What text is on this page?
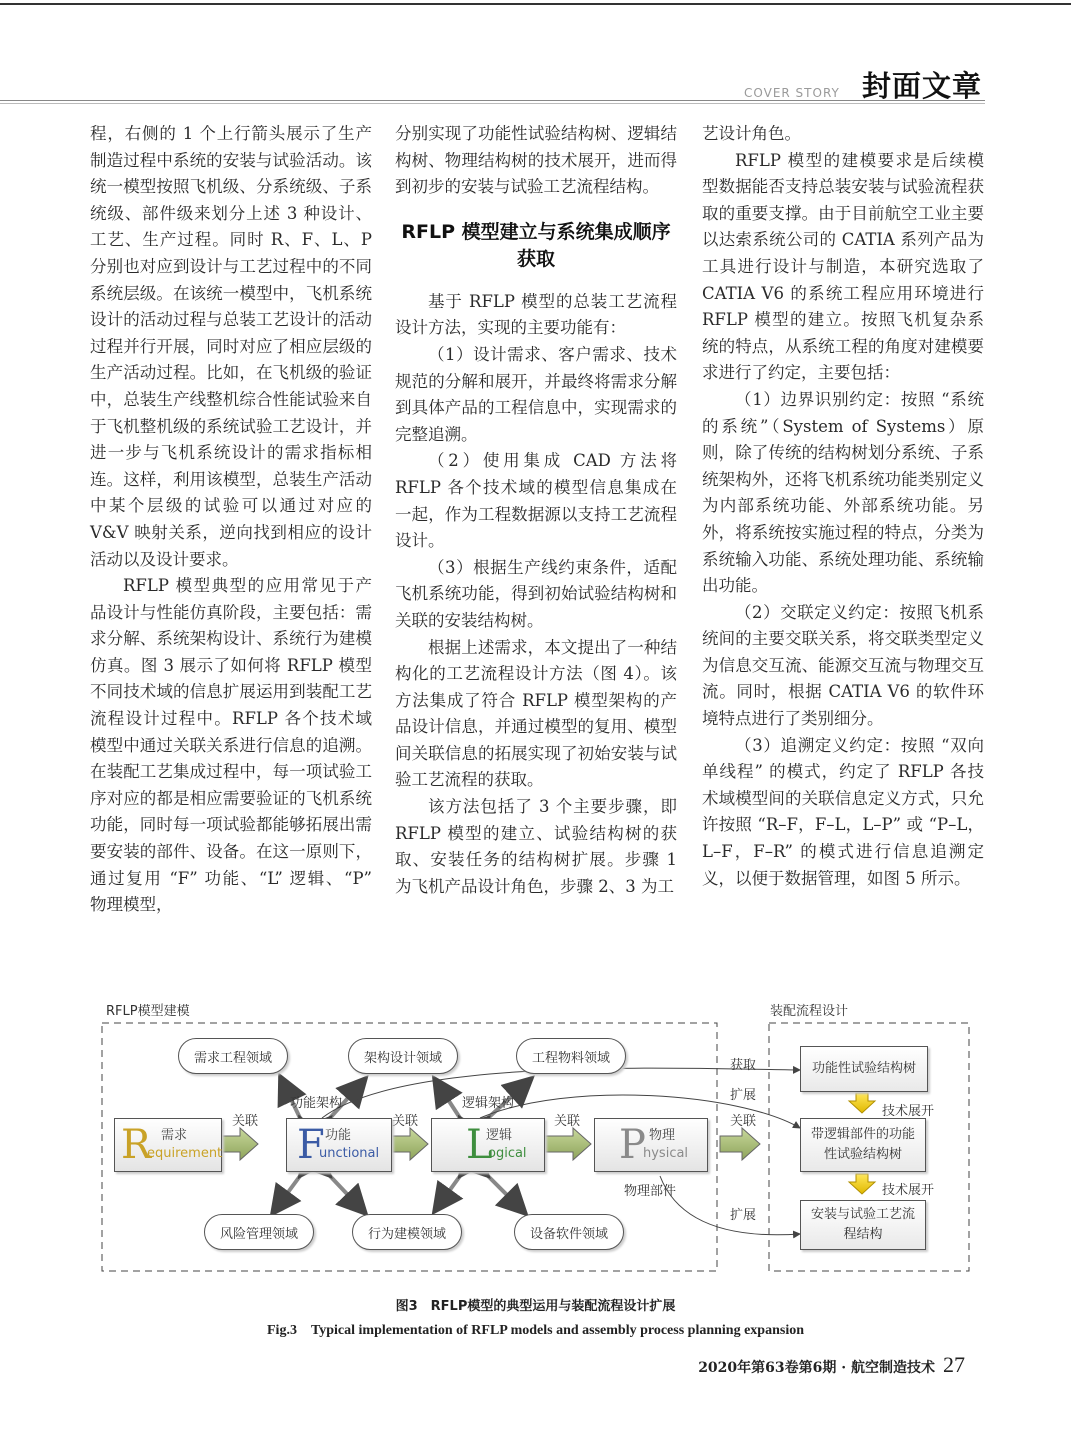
COVER STORY 封面文章

程，右侧的 1 个上行箭头展示了生产制造过程中系统的安装与试验活动。该统一模型按照飞机级、分系统级、子系统级、部件级来划分上述 3 种设计、工艺、生产过程。同时 R、F、L、P 分别也对应到设计与工艺过程中的不同系统层级。在该统一模型中，飞机系统设计的活动过程与总装工艺设计的活动过程并行开展，同时对应了相应层级的生产活动过程。比如，在飞机级的验证中，总装生产线整机综合性能试验来自于飞机整机级的系统试验工艺设计，并进一步与飞机系统设计的需求指标相连。这样，利用该模型，总装生产活动中某个层级的试验可以通过对应的 V&V 映射关系，逆向找到相应的设计活动以及设计要求。

RFLP 模型典型的应用常见于产品设计与性能仿真阶段，主要包括：需求分解、系统架构设计、系统行为建模仿真。图 3 展示了如何将 RFLP 模型不同技术域的信息扩展运用到装配工艺流程设计过程中。RFLP 各个技术域模型中通过关联关系进行信息的追溯。在装配工艺集成过程中，每一项试验工序对应的都是相应需要验证的飞机系统功能，同时每一项试验都能够拓展出需要安装的部件、设备。在这一原则下，通过复用 “F” 功能、“L” 逻辑、“P” 物理模型，

分别实现了功能性试验结构树、逻辑结构树、物理结构树的技术展开，进而得到初步的安装与试验工艺流程结构。

RFLP 模型建立与系统集成顺序获取

基于 RFLP 模型的总装工艺流程设计方法，实现的主要功能有：

（1）设计需求、客户需求、技术规范的分解和展开，并最终将需求分解到具体产品的工程信息中，实现需求的完整追溯。

（2）使用集成 CAD 方法将 RFLP 各个技术域的模型信息集成在一起，作为工程数据源以支持工艺流程设计。

（3）根据生产线约束条件，适配飞机系统功能，得到初始试验结构树和关联的安装结构树。

根据上述需求，本文提出了一种结构化的工艺流程设计方法（图 4）。该方法集成了符合 RFLP 模型架构的产品设计信息，并通过模型的复用、模型间关联信息的拓展实现了初始安装与试验工艺流程的获取。

该方法包括了 3 个主要步骤，即 RFLP 模型的建立、试验结构树的获取、安装任务的结构树扩展。步骤 1 为飞机产品设计角色，步骤 2、3 为工

艺设计角色。

RFLP 模型的建模要求是后续模型数据能否支持总装安装与试验流程获取的重要支撑。由于目前航空工业主要以达索系统公司的 CATIA 系列产品为工具进行设计与制造，本研究选取了 CATIA V6 的系统工程应用环境进行 RFLP 模型的建立。按照飞机复杂系统的特点，从系统工程的角度对建模要求进行了约定，主要包括：

（1）边界识别约定：按照 “系统的系统”（System of Systems）原则，除了传统的结构树划分系统、子系统架构外，还将飞机系统功能类别定义为内部系统功能、外部系统功能。另外，将系统按实施过程的特点，分类为系统输入功能、系统处理功能、系统输出功能。

（2）交联定义约定：按照飞机系统间的主要交联关系，将交联类型定义为信息交互流、能源交互流与物理交互流。同时，根据 CATIA V6 的软件环境特点进行了类别细分。

（3）追溯定义约定：按照 “双向单线程” 的模式，约定了 RFLP 各技术域模型间的关联信息定义方式，只允许按照 “R–F，F–L，L–P” 或 “P–L，L–F，F–R” 的模式进行信息追溯定义，以便于数据管理，如图 5 所示。

RFLP模型建模	装配流程设计
需求工程领域	架构设计领域	工程物料领域
风险管理领域	行为建模领域	设备软件领域
R 需求
equirement F 功能
unctional L
逻辑
ogical P 物理
hysical
关联	关联	关联	关联
功能架构	逻辑架构
物理部件
获取
扩展
扩展
功能性试验结构树
带逻辑部件的功能性试验结构树
安装与试验工艺流程结构
技术展开
技术展开
图3　RFLP模型的典型运用与装配流程设计扩展
Fig.3　Typical implementation of RFLP models and assembly process planning expansion
2020年第63卷第6期 · 航空制造技术 27
